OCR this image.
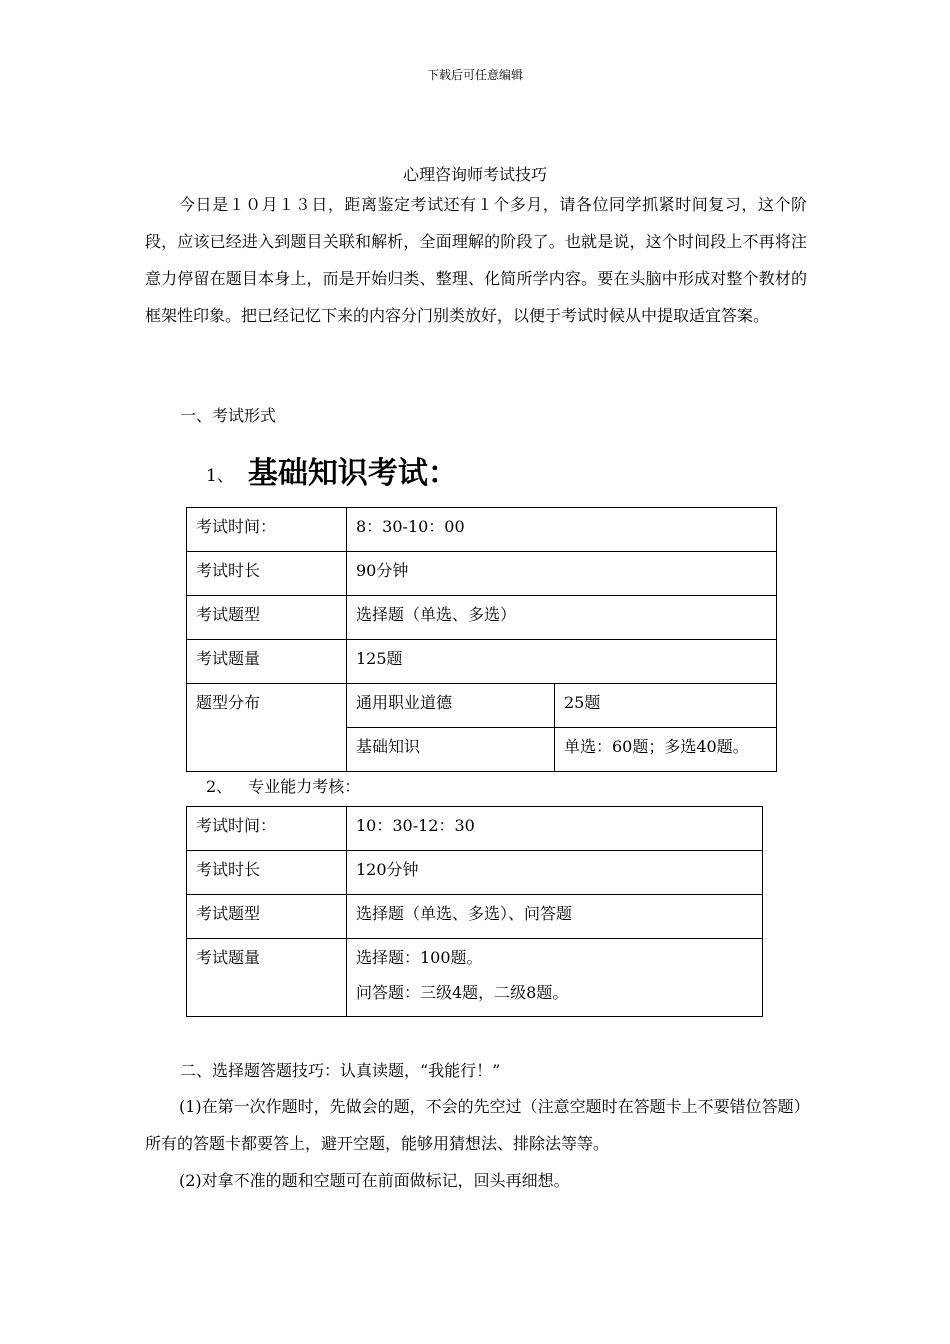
下载后可任意编辑
心理咨询师考试技巧
今日是１０月１３日，距离鉴定考试还有１个多月，请各位同学抓紧时间复习，这个阶段，应该已经进入到题目关联和解析，全面理解的阶段了。也就是说，这个时间段上不再将注意力停留在题目本身上，而是开始归类、整理、化简所学内容。要在头脑中形成对整个教材的框架性印象。把已经记忆下来的内容分门别类放好，以便于考试时候从中提取适宜答案。
一、考试形式
1、 基础知识考试：
考试时间：	8：30-10：00	
考试时长	90分钟	
考试题型	选择题（单选、多选）	
考试题量	125题	
题型分布	通用职业道德	25题
	基础知识	单选：60题；多选40题。
2、 专业能力考核：
考试时间：	10：30-12：30
考试时长	120分钟
考试题型	选择题（单选、多选）、问答题
考试题量	选择题：100题。
问答题：三级4题，二级8题。
二、选择题答题技巧：认真读题，“我能行！”
(1)在第一次作题时，先做会的题，不会的先空过（注意空题时在答题卡上不要错位答题）所有的答题卡都要答上，避开空题，能够用猜想法、排除法等等。
(2)对拿不准的题和空题可在前面做标记，回头再细想。
